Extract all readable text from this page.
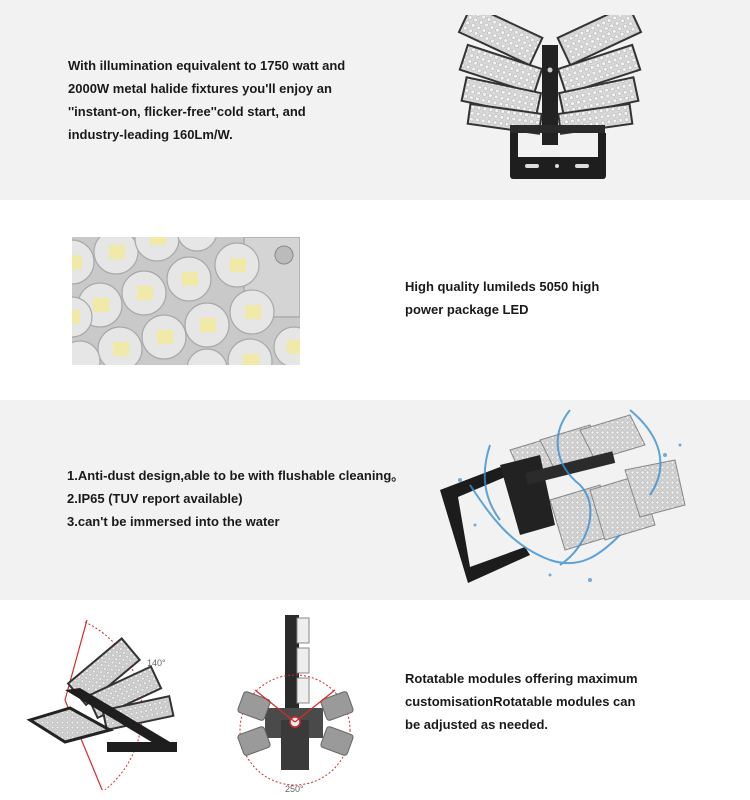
With illumination equivalent to 1750 watt and
2000W metal halide fixtures you'll enjoy an
''instant-on, flicker-free''cold start, and
industry-leading 160Lm/W.
High quality lumileds 5050 high
power package LED
1.Anti-dust design,able to be with flushable cleaning。
2.IP65 (TUV report available)
3.can't be immersed into the water
140°
250°
Rotatable modules offering maximum
customisationRotatable modules can
be adjusted as needed.
